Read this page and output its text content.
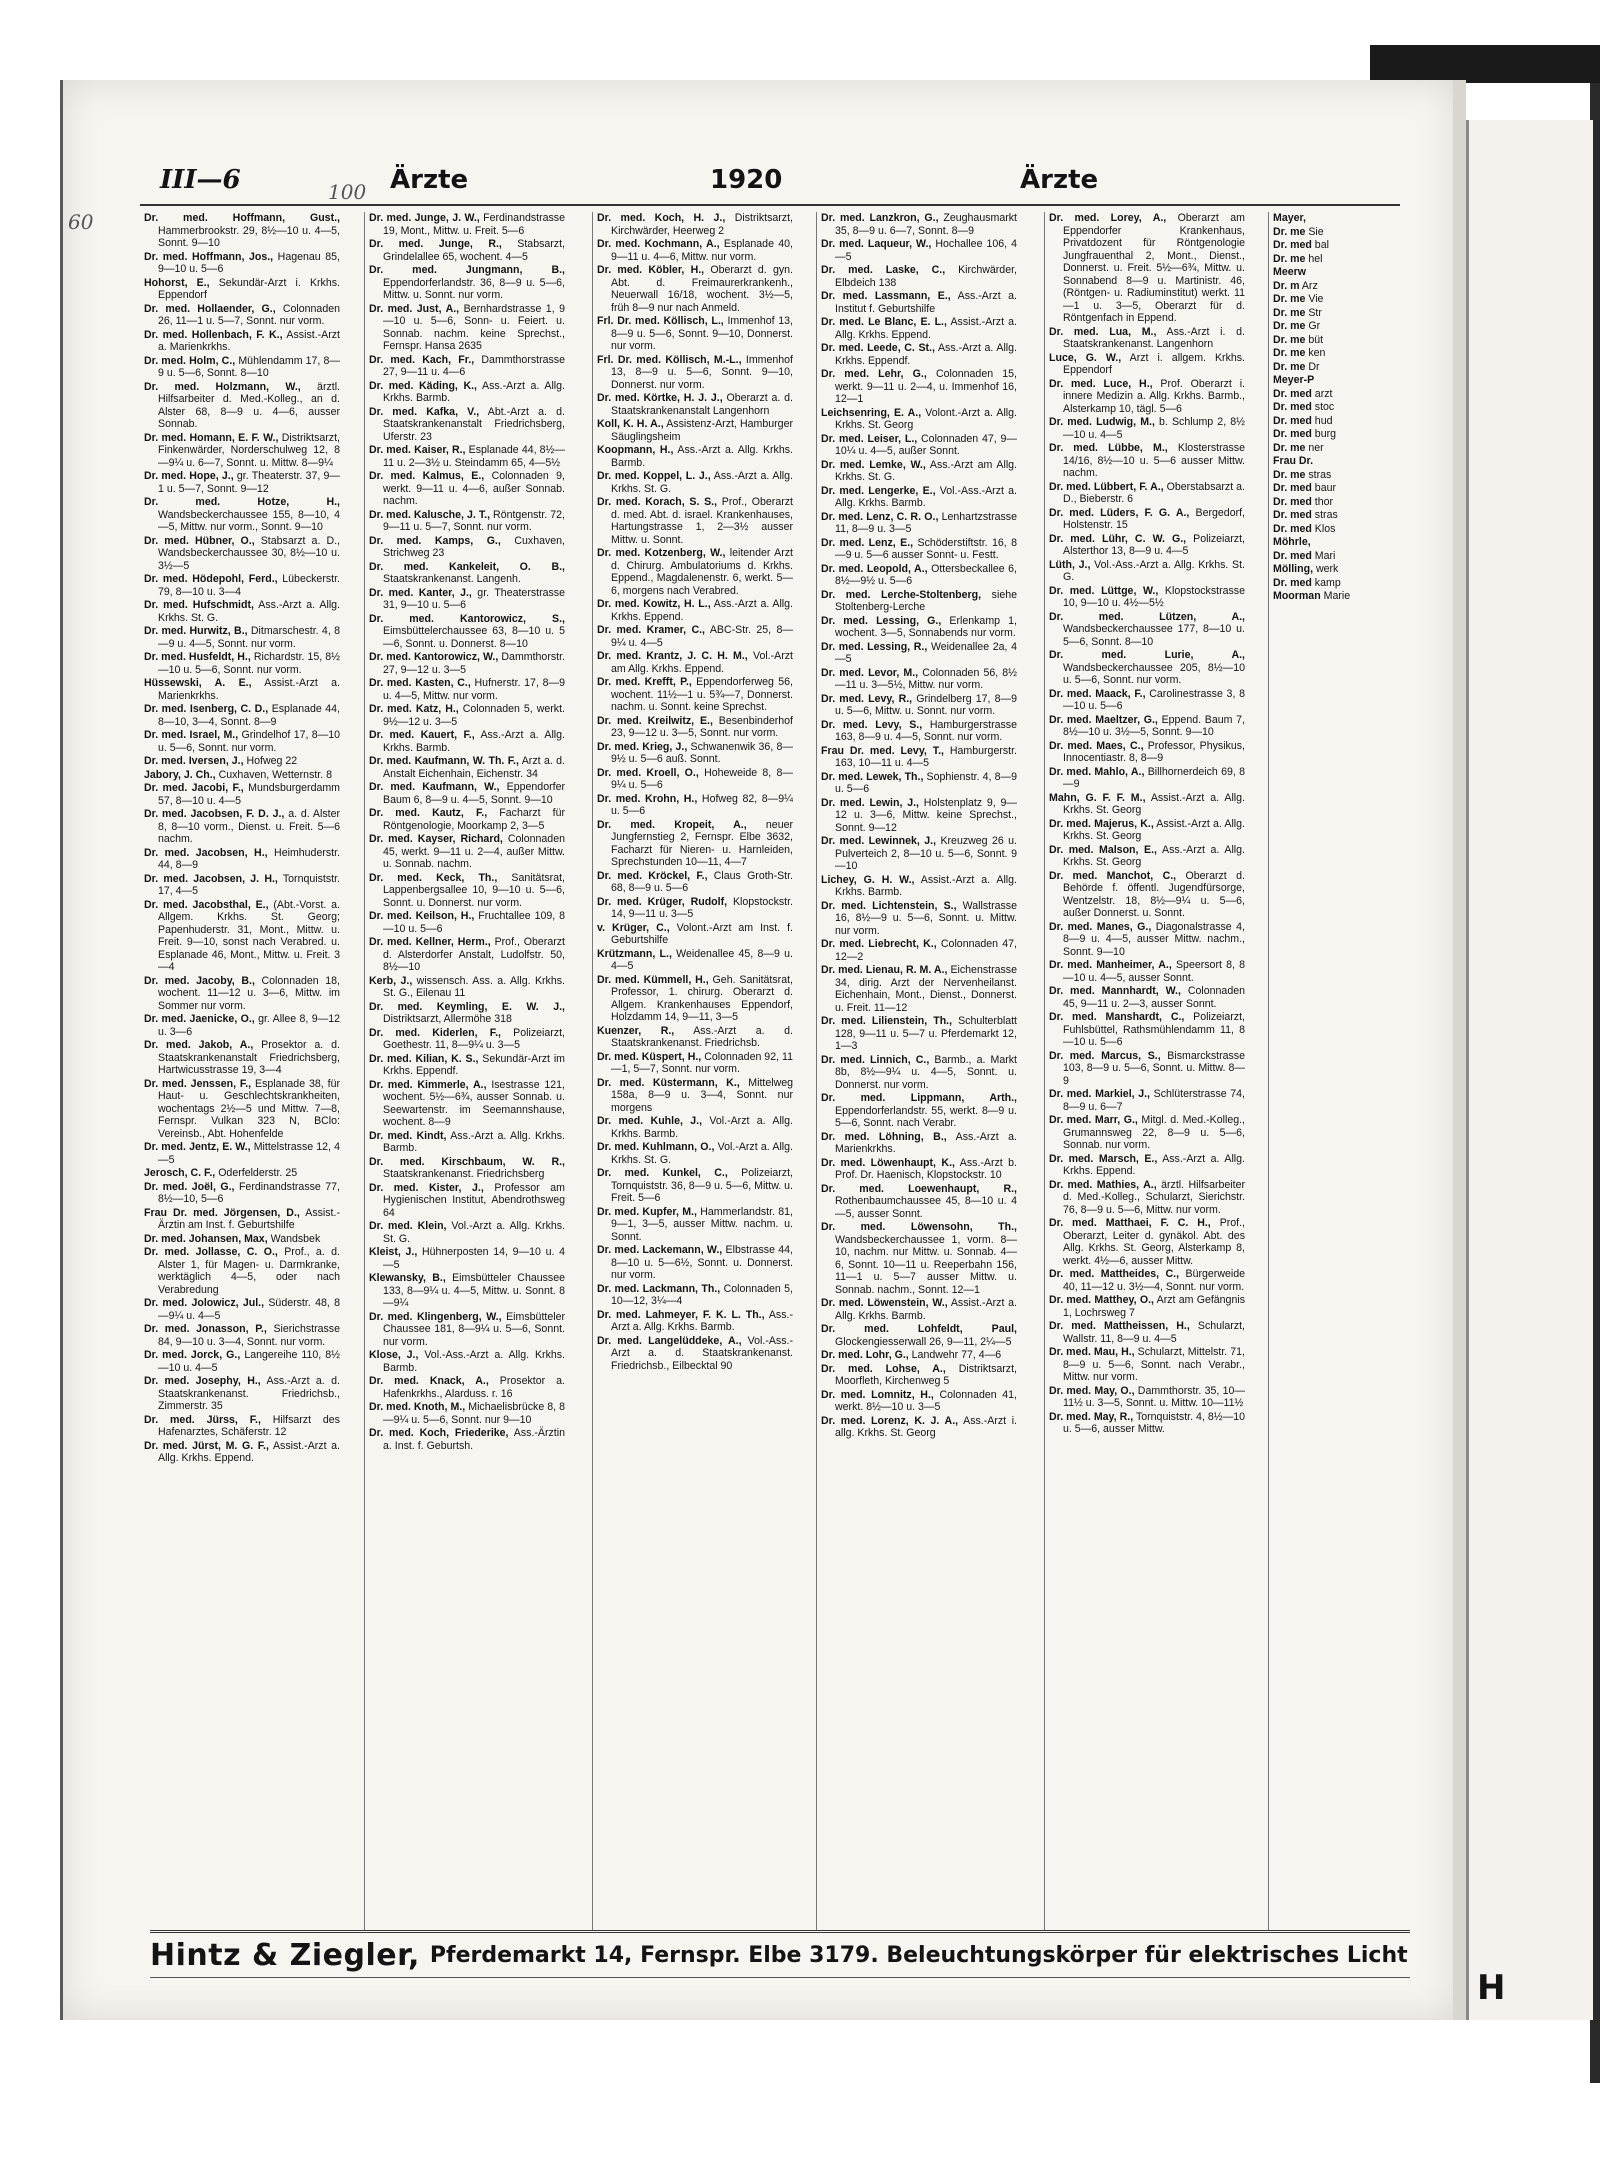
H
III—6	Ärzte	1920	Ärzte
60
100

Dr. med. Hoffmann, Gust., Hammerbrookstr. 29, 8½—10 u. 4—5, Sonnt. 9—10

Dr. med. Hoffmann, Jos., Hagenau 85, 9—10 u. 5—6

Hohorst, E., Sekundär-Arzt i. Krkhs. Eppendorf

Dr. med. Hollaender, G., Colonnaden 26, 11—1 u. 5—7, Sonnt. nur vorm.

Dr. med. Hollenbach, F. K., Assist.-Arzt a. Marienkrkhs.

Dr. med. Holm, C., Mühlendamm 17, 8—9 u. 5—6, Sonnt. 8—10

Dr. med. Holzmann, W., ärztl. Hilfsarbeiter d. Med.-Kolleg., an d. Alster 68, 8—9 u. 4—6, ausser Sonnab.

Dr. med. Homann, E. F. W., Distriktsarzt, Finkenwärder, Norderschulweg 12, 8—9¼ u. 6—7, Sonnt. u. Mittw. 8—9¼

Dr. med. Hope, J., gr. Theaterstr. 37, 9—1 u. 5—7, Sonnt. 9—12

Dr. med. Hotze, H., Wandsbeckerchaussee 155, 8—10, 4—5, Mittw. nur vorm., Sonnt. 9—10

Dr. med. Hübner, O., Stabsarzt a. D., Wandsbeckerchaussee 30, 8½—10 u. 3½—5

Dr. med. Hödepohl, Ferd., Lübeckerstr. 79, 8—10 u. 3—4

Dr. med. Hufschmidt, Ass.-Arzt a. Allg. Krkhs. St. G.

Dr. med. Hurwitz, B., Ditmarschestr. 4, 8—9 u. 4—5, Sonnt. nur vorm.

Dr. med. Husfeldt, H., Richardstr. 15, 8½—10 u. 5—6, Sonnt. nur vorm.

Hüssewski, A. E., Assist.-Arzt a. Marienkrkhs.

Dr. med. Isenberg, C. D., Esplanade 44, 8—10, 3—4, Sonnt. 8—9

Dr. med. Israel, M., Grindelhof 17, 8—10 u. 5—6, Sonnt. nur vorm.

Dr. med. Iversen, J., Hofweg 22

Jabory, J. Ch., Cuxhaven, Wetternstr. 8

Dr. med. Jacobi, F., Mundsburgerdamm 57, 8—10 u. 4—5

Dr. med. Jacobsen, F. D. J., a. d. Alster 8, 8—10 vorm., Dienst. u. Freit. 5—6 nachm.

Dr. med. Jacobsen, H., Heimhuderstr. 44, 8—9

Dr. med. Jacobsen, J. H., Tornquiststr. 17, 4—5

Dr. med. Jacobsthal, E., (Abt.-Vorst. a. Allgem. Krkhs. St. Georg; Papenhuderstr. 31, Mont., Mittw. u. Freit. 9—10, sonst nach Verabred. u. Esplanade 46, Mont., Mittw. u. Freit. 3—4

Dr. med. Jacoby, B., Colonnaden 18, wochent. 11—12 u. 3—6, Mittw. im Sommer nur vorm.

Dr. med. Jaenicke, O., gr. Allee 8, 9—12 u. 3—6

Dr. med. Jakob, A., Prosektor a. d. Staatskrankenanstalt Friedrichsberg, Hartwicusstrasse 19, 3—4

Dr. med. Jenssen, F., Esplanade 38, für Haut- u. Geschlechtskrankheiten, wochentags 2½—5 und Mittw. 7—8, Fernspr. Vulkan 323 N, BClo: Vereinsb., Abt. Hohenfelde

Dr. med. Jentz, E. W., Mittelstrasse 12, 4—5

Jerosch, C. F., Oderfelderstr. 25

Dr. med. Joël, G., Ferdinandstrasse 77, 8½—10, 5—6

Frau Dr. med. Jörgensen, D., Assist.-Ärztin am Inst. f. Geburtshilfe

Dr. med. Johansen, Max, Wandsbek

Dr. med. Jollasse, C. O., Prof., a. d. Alster 1, für Magen- u. Darmkranke, werktäglich 4—5, oder nach Verabredung

Dr. med. Jolowicz, Jul., Süderstr. 48, 8—9¼ u. 4—5

Dr. med. Jonasson, P., Sierichstrasse 84, 9—10 u. 3—4, Sonnt. nur vorm.

Dr. med. Jorck, G., Langereihe 110, 8½—10 u. 4—5

Dr. med. Josephy, H., Ass.-Arzt a. d. Staatskrankenanst. Friedrichsb., Zimmerstr. 35

Dr. med. Jürss, F., Hilfsarzt des Hafenarztes, Schäferstr. 12

Dr. med. Jürst, M. G. F., Assist.-Arzt a. Allg. Krkhs. Eppend.

Dr. med. Junge, J. W., Ferdinandstrasse 19, Mont., Mittw. u. Freit. 5—6

Dr. med. Junge, R., Stabsarzt, Grindelallee 65, wochent. 4—5

Dr. med. Jungmann, B., Eppendorferlandstr. 36, 8—9 u. 5—6, Mittw. u. Sonnt. nur vorm.

Dr. med. Just, A., Bernhardstrasse 1, 9—10 u. 5—6, Sonn- u. Feiert. u. Sonnab. nachm. keine Sprechst., Fernspr. Hansa 2635

Dr. med. Kach, Fr., Dammthorstrasse 27, 9—11 u. 4—6

Dr. med. Käding, K., Ass.-Arzt a. Allg. Krkhs. Barmb.

Dr. med. Kafka, V., Abt.-Arzt a. d. Staatskrankenanstalt Friedrichsberg, Uferstr. 23

Dr. med. Kaiser, R., Esplanade 44, 8½—11 u. 2—3½ u. Steindamm 65, 4—5½

Dr. med. Kalmus, E., Colonnaden 9, werkt. 9—11 u. 4—6, außer Sonnab. nachm.

Dr. med. Kalusche, J. T., Röntgenstr. 72, 9—11 u. 5—7, Sonnt. nur vorm.

Dr. med. Kamps, G., Cuxhaven, Strichweg 23

Dr. med. Kankeleit, O. B., Staatskrankenanst. Langenh.

Dr. med. Kanter, J., gr. Theaterstrasse 31, 9—10 u. 5—6

Dr. med. Kantorowicz, S., Eimsbüttelerchaussee 63, 8—10 u. 5—6, Sonnt. u. Donnerst. 8—10

Dr. med. Kantorowicz, W., Dammthorstr. 27, 9—12 u. 3—5

Dr. med. Kasten, C., Hufnerstr. 17, 8—9 u. 4—5, Mittw. nur vorm.

Dr. med. Katz, H., Colonnaden 5, werkt. 9½—12 u. 3—5

Dr. med. Kauert, F., Ass.-Arzt a. Allg. Krkhs. Barmb.

Dr. med. Kaufmann, W. Th. F., Arzt a. d. Anstalt Eichenhain, Eichenstr. 34

Dr. med. Kaufmann, W., Eppendorfer Baum 6, 8—9 u. 4—5, Sonnt. 9—10

Dr. med. Kautz, F., Facharzt für Röntgenologie, Moorkamp 2, 3—5

Dr. med. Kayser, Richard, Colonnaden 45, werkt. 9—11 u. 2—4, außer Mittw. u. Sonnab. nachm.

Dr. med. Keck, Th., Sanitätsrat, Lappenbergsallee 10, 9—10 u. 5—6, Sonnt. u. Donnerst. nur vorm.

Dr. med. Keilson, H., Fruchtallee 109, 8—10 u. 5—6

Dr. med. Kellner, Herm., Prof., Oberarzt d. Alsterdorfer Anstalt, Ludolfstr. 50, 8½—10

Kerb, J., wissensch. Ass. a. Allg. Krkhs. St. G., Eilenau 11

Dr. med. Keymling, E. W. J., Distriktsarzt, Allermöhe 318

Dr. med. Kiderlen, F., Polizeiarzt, Goethestr. 11, 8—9¼ u. 3—5

Dr. med. Kilian, K. S., Sekundär-Arzt im Krkhs. Eppendf.

Dr. med. Kimmerle, A., Isestrasse 121, wochent. 5½—6¾, ausser Sonnab. u. Seewartenstr. im Seemannshause, wochent. 8—9

Dr. med. Kindt, Ass.-Arzt a. Allg. Krkhs. Barmb.

Dr. med. Kirschbaum, W. R., Staatskrankenanst. Friedrichsberg

Dr. med. Kister, J., Professor am Hygienischen Institut, Abendrothsweg 64

Dr. med. Klein, Vol.-Arzt a. Allg. Krkhs. St. G.

Kleist, J., Hühnerposten 14, 9—10 u. 4—5

Klewansky, B., Eimsbütteler Chaussee 133, 8—9¼ u. 4—5, Mittw. u. Sonnt. 8—9¼

Dr. med. Klingenberg, W., Eimsbütteler Chaussee 181, 8—9¼ u. 5—6, Sonnt. nur vorm.

Klose, J., Vol.-Ass.-Arzt a. Allg. Krkhs. Barmb.

Dr. med. Knack, A., Prosektor a. Hafenkrkhs., Alarduss. r. 16

Dr. med. Knoth, M., Michaelisbrücke 8, 8—9¼ u. 5—6, Sonnt. nur 9—10

Dr. med. Koch, Friederike, Ass.-Ärztin a. Inst. f. Geburtsh.

Dr. med. Koch, H. J., Distriktsarzt, Kirchwärder, Heerweg 2

Dr. med. Kochmann, A., Esplanade 40, 9—11 u. 4—6, Mittw. nur vorm.

Dr. med. Köbler, H., Oberarzt d. gyn. Abt. d. Freimaurerkrankenh., Neuerwall 16/18, wochent. 3½—5, früh 8—9 nur nach Anmeld.

Frl. Dr. med. Köllisch, L., Immenhof 13, 8—9 u. 5—6, Sonnt. 9—10, Donnerst. nur vorm.

Frl. Dr. med. Köllisch, M.-L., Immenhof 13, 8—9 u. 5—6, Sonnt. 9—10, Donnerst. nur vorm.

Dr. med. Körtke, H. J. J., Oberarzt a. d. Staatskrankenanstalt Langenhorn

Koll, K. H. A., Assistenz-Arzt, Hamburger Säuglingsheim

Koopmann, H., Ass.-Arzt a. Allg. Krkhs. Barmb.

Dr. med. Koppel, L. J., Ass.-Arzt a. Allg. Krkhs. St. G.

Dr. med. Korach, S. S., Prof., Oberarzt d. med. Abt. d. israel. Krankenhauses, Hartungstrasse 1, 2—3½ ausser Mittw. u. Sonnt.

Dr. med. Kotzenberg, W., leitender Arzt d. Chirurg. Ambulatoriums d. Krkhs. Eppend., Magdalenenstr. 6, werkt. 5—6, morgens nach Verabred.

Dr. med. Kowitz, H. L., Ass.-Arzt a. Allg. Krkhs. Eppend.

Dr. med. Kramer, C., ABC-Str. 25, 8—9¼ u. 4—5

Dr. med. Krantz, J. C. H. M., Vol.-Arzt am Allg. Krkhs. Eppend.

Dr. med. Krefft, P., Eppendorferweg 56, wochent. 11½—1 u. 5¾—7, Donnerst. nachm. u. Sonnt. keine Sprechst.

Dr. med. Kreilwitz, E., Besenbinderhof 23, 9—12 u. 3—5, Sonnt. nur vorm.

Dr. med. Krieg, J., Schwanenwik 36, 8—9½ u. 5—6 auß. Sonnt.

Dr. med. Kroell, O., Hoheweide 8, 8—9¼ u. 5—6

Dr. med. Krohn, H., Hofweg 82, 8—9¼ u. 5—6

Dr. med. Kropeit, A., neuer Jungfernstieg 2, Fernspr. Elbe 3632, Facharzt für Nieren- u. Harnleiden, Sprechstunden 10—11, 4—7

Dr. med. Kröckel, F., Claus Groth-Str. 68, 8—9 u. 5—6

Dr. med. Krüger, Rudolf, Klopstockstr. 14, 9—11 u. 3—5

v. Krüger, C., Volont.-Arzt am Inst. f. Geburtshilfe

Krützmann, L., Weidenallee 45, 8—9 u. 4—5

Dr. med. Kümmell, H., Geh. Sanitätsrat, Professor, 1. chirurg. Oberarzt d. Allgem. Krankenhauses Eppendorf, Holzdamm 14, 9—11, 3—5

Kuenzer, R., Ass.-Arzt a. d. Staatskrankenanst. Friedrichsb.

Dr. med. Küspert, H., Colonnaden 92, 11—1, 5—7, Sonnt. nur vorm.

Dr. med. Küstermann, K., Mittelweg 158a, 8—9 u. 3—4, Sonnt. nur morgens

Dr. med. Kuhle, J., Vol.-Arzt a. Allg. Krkhs. Barmb.

Dr. med. Kuhlmann, O., Vol.-Arzt a. Allg. Krkhs. St. G.

Dr. med. Kunkel, C., Polizeiarzt, Tornquiststr. 36, 8—9 u. 5—6, Mittw. u. Freit. 5—6

Dr. med. Kupfer, M., Hammerlandstr. 81, 9—1, 3—5, ausser Mittw. nachm. u. Sonnt.

Dr. med. Lackemann, W., Elbstrasse 44, 8—10 u. 5—6½, Sonnt. u. Donnerst. nur vorm.

Dr. med. Lackmann, Th., Colonnaden 5, 10—12, 3¼—4

Dr. med. Lahmeyer, F. K. L. Th., Ass.-Arzt a. Allg. Krkhs. Barmb.

Dr. med. Langelüddeke, A., Vol.-Ass.-Arzt a. d. Staatskrankenanst. Friedrichsb., Eilbecktal 90

Dr. med. Lanzkron, G., Zeughausmarkt 35, 8—9 u. 6—7, Sonnt. 8—9

Dr. med. Laqueur, W., Hochallee 106, 4—5

Dr. med. Laske, C., Kirchwärder, Elbdeich 138

Dr. med. Lassmann, E., Ass.-Arzt a. Institut f. Geburtshilfe

Dr. med. Le Blanc, E. L., Assist.-Arzt a. Allg. Krkhs. Eppend.

Dr. med. Leede, C. St., Ass.-Arzt a. Allg. Krkhs. Eppendf.

Dr. med. Lehr, G., Colonnaden 15, werkt. 9—11 u. 2—4, u. Immenhof 16, 12—1

Leichsenring, E. A., Volont.-Arzt a. Allg. Krkhs. St. Georg

Dr. med. Leiser, L., Colonnaden 47, 9—10¼ u. 4—5, außer Sonnt.

Dr. med. Lemke, W., Ass.-Arzt am Allg. Krkhs. St. G.

Dr. med. Lengerke, E., Vol.-Ass.-Arzt a. Allg. Krkhs. Barmb.

Dr. med. Lenz, C. R. O., Lenhartzstrasse 11, 8—9 u. 3—5

Dr. med. Lenz, E., Schöderstiftstr. 16, 8—9 u. 5—6 ausser Sonnt- u. Festt.

Dr. med. Leopold, A., Ottersbeckallee 6, 8½—9½ u. 5—6

Dr. med. Lerche-Stoltenberg, siehe Stoltenberg-Lerche

Dr. med. Lessing, G., Erlenkamp 1, wochent. 3—5, Sonnabends nur vorm.

Dr. med. Lessing, R., Weidenallee 2a, 4—5

Dr. med. Levor, M., Colonnaden 56, 8½—11 u. 3—5½, Mittw. nur vorm.

Dr. med. Levy, R., Grindelberg 17, 8—9 u. 5—6, Mittw. u. Sonnt. nur vorm.

Dr. med. Levy, S., Hamburgerstrasse 163, 8—9 u. 4—5, Sonnt. nur vorm.

Frau Dr. med. Levy, T., Hamburgerstr. 163, 10—11 u. 4—5

Dr. med. Lewek, Th., Sophienstr. 4, 8—9 u. 5—6

Dr. med. Lewin, J., Holstenplatz 9, 9—12 u. 3—6, Mittw. keine Sprechst., Sonnt. 9—12

Dr. med. Lewinnek, J., Kreuzweg 26 u. Pulverteich 2, 8—10 u. 5—6, Sonnt. 9—10

Lichey, G. H. W., Assist.-Arzt a. Allg. Krkhs. Barmb.

Dr. med. Lichtenstein, S., Wallstrasse 16, 8½—9 u. 5—6, Sonnt. u. Mittw. nur vorm.

Dr. med. Liebrecht, K., Colonnaden 47, 12—2

Dr. med. Lienau, R. M. A., Eichenstrasse 34, dirig. Arzt der Nervenheilanst. Eichenhain, Mont., Dienst., Donnerst. u. Freit. 11—12

Dr. med. Lilienstein, Th., Schulterblatt 128, 9—11 u. 5—7 u. Pferdemarkt 12, 1—3

Dr. med. Linnich, C., Barmb., a. Markt 8b, 8½—9¼ u. 4—5, Sonnt. u. Donnerst. nur vorm.

Dr. med. Lippmann, Arth., Eppendorferlandstr. 55, werkt. 8—9 u. 5—6, Sonnt. nach Verabr.

Dr. med. Löhning, B., Ass.-Arzt a. Marienkrkhs.

Dr. med. Löwenhaupt, K., Ass.-Arzt b. Prof. Dr. Haenisch, Klopstockstr. 10

Dr. med. Loewenhaupt, R., Rothenbaumchaussee 45, 8—10 u. 4—5, ausser Sonnt.

Dr. med. Löwensohn, Th., Wandsbeckerchaussee 1, vorm. 8—10, nachm. nur Mittw. u. Sonnab. 4—6, Sonnt. 10—11 u. Reeperbahn 156, 11—1 u. 5—7 ausser Mittw. u. Sonnab. nachm., Sonnt. 12—1

Dr. med. Löwenstein, W., Assist.-Arzt a. Allg. Krkhs. Barmb.

Dr. med. Lohfeldt, Paul, Glockengiesserwall 26, 9—11, 2¼—5

Dr. med. Lohr, G., Landwehr 77, 4—6

Dr. med. Lohse, A., Distriktsarzt, Moorfleth, Kirchenweg 5

Dr. med. Lomnitz, H., Colonnaden 41, werkt. 8½—10 u. 3—5

Dr. med. Lorenz, K. J. A., Ass.-Arzt i. allg. Krkhs. St. Georg

Dr. med. Lorey, A., Oberarzt am Eppendorfer Krankenhaus, Privatdozent für Röntgenologie Jungfrauenthal 2, Mont., Dienst., Donnerst. u. Freit. 5½—6¾, Mittw. u. Sonnabend 8—9 u. Martinistr. 46, (Röntgen- u. Radiuminstitut) werkt. 11—1 u. 3—5, Oberarzt für d. Röntgenfach in Eppend.

Dr. med. Lua, M., Ass.-Arzt i. d. Staatskrankenanst. Langenhorn

Luce, G. W., Arzt i. allgem. Krkhs. Eppendorf

Dr. med. Luce, H., Prof. Oberarzt i. innere Medizin a. Allg. Krkhs. Barmb., Alsterkamp 10, tägl. 5—6

Dr. med. Ludwig, M., b. Schlump 2, 8½—10 u. 4—5

Dr. med. Lübbe, M., Klosterstrasse 14/16, 8½—10 u. 5—6 ausser Mittw. nachm.

Dr. med. Lübbert, F. A., Oberstabsarzt a. D., Bieberstr. 6

Dr. med. Lüders, F. G. A., Bergedorf, Holstenstr. 15

Dr. med. Lühr, C. W. G., Polizeiarzt, Alsterthor 13, 8—9 u. 4—5

Lüth, J., Vol.-Ass.-Arzt a. Allg. Krkhs. St. G.

Dr. med. Lüttge, W., Klopstockstrasse 10, 9—10 u. 4½—5½

Dr. med. Lützen, A., Wandsbeckerchaussee 177, 8—10 u. 5—6, Sonnt. 8—10

Dr. med. Lurie, A., Wandsbeckerchaussee 205, 8½—10 u. 5—6, Sonnt. nur vorm.

Dr. med. Maack, F., Carolinestrasse 3, 8—10 u. 5—6

Dr. med. Maeltzer, G., Eppend. Baum 7, 8½—10 u. 3½—5, Sonnt. 9—10

Dr. med. Maes, C., Professor, Physikus, Innocentiastr. 8, 8—9

Dr. med. Mahlo, A., Billhornerdeich 69, 8—9

Mahn, G. F. F. M., Assist.-Arzt a. Allg. Krkhs. St. Georg

Dr. med. Majerus, K., Assist.-Arzt a. Allg. Krkhs. St. Georg

Dr. med. Malson, E., Ass.-Arzt a. Allg. Krkhs. St. Georg

Dr. med. Manchot, C., Oberarzt d. Behörde f. öffentl. Jugendfürsorge, Wentzelstr. 18, 8½—9¼ u. 5—6, außer Donnerst. u. Sonnt.

Dr. med. Manes, G., Diagonalstrasse 4, 8—9 u. 4—5, ausser Mittw. nachm., Sonnt. 9—10

Dr. med. Manheimer, A., Speersort 8, 8—10 u. 4—5, ausser Sonnt.

Dr. med. Mannhardt, W., Colonnaden 45, 9—11 u. 2—3, ausser Sonnt.

Dr. med. Manshardt, C., Polizeiarzt, Fuhlsbüttel, Rathsmühlendamm 11, 8—10 u. 5—6

Dr. med. Marcus, S., Bismarckstrasse 103, 8—9 u. 5—6, Sonnt. u. Mittw. 8—9

Dr. med. Markiel, J., Schlüterstrasse 74, 8—9 u. 6—7

Dr. med. Marr, G., Mitgl. d. Med.-Kolleg., Grumannsweg 22, 8—9 u. 5—6, Sonnab. nur vorm.

Dr. med. Marsch, E., Ass.-Arzt a. Allg. Krkhs. Eppend.

Dr. med. Mathies, A., ärztl. Hilfsarbeiter d. Med.-Kolleg., Schularzt, Sierichstr. 76, 8—9 u. 5—6, Mittw. nur vorm.

Dr. med. Matthaei, F. C. H., Prof., Oberarzt, Leiter d. gynäkol. Abt. des Allg. Krkhs. St. Georg, Alsterkamp 8, werkt. 4½—6, ausser Mittw.

Dr. med. Mattheides, C., Bürgerweide 40, 11—12 u. 3½—4, Sonnt. nur vorm.

Dr. med. Matthey, O., Arzt am Gefängnis 1, Lochrsweg 7

Dr. med. Mattheissen, H., Schularzt, Wallstr. 11, 8—9 u. 4—5

Dr. med. Mau, H., Schularzt, Mittelstr. 71, 8—9 u. 5—6, Sonnt. nach Verabr., Mittw. nur vorm.

Dr. med. May, O., Dammthorstr. 35, 10—11½ u. 3—5, Sonnt. u. Mittw. 10—11½

Dr. med. May, R., Tornquiststr. 4, 8½—10 u. 5—6, ausser Mittw.

Mayer,

Dr. me Sie

Dr. med bal

Dr. me hel

Meerw

Dr. m Arz

Dr. me Vie

Dr. me Str

Dr. me Gr

Dr. me büt

Dr. me ken

Dr. me Dr

Meyer-P

Dr. med arzt

Dr. med stoc

Dr. med hud

Dr. med burg

Dr. me ner

Frau Dr.

Dr. me stras

Dr. med baur

Dr. med thor

Dr. med stras

Dr. med Klos

Möhrle,

Dr. med Mari

Mölling, werk

Dr. med kamp

Moorman Marie

Hintz & Ziegler, Pferdemarkt 14, Fernspr. Elbe 3179. Beleuchtungskörper für elektrisches Licht
